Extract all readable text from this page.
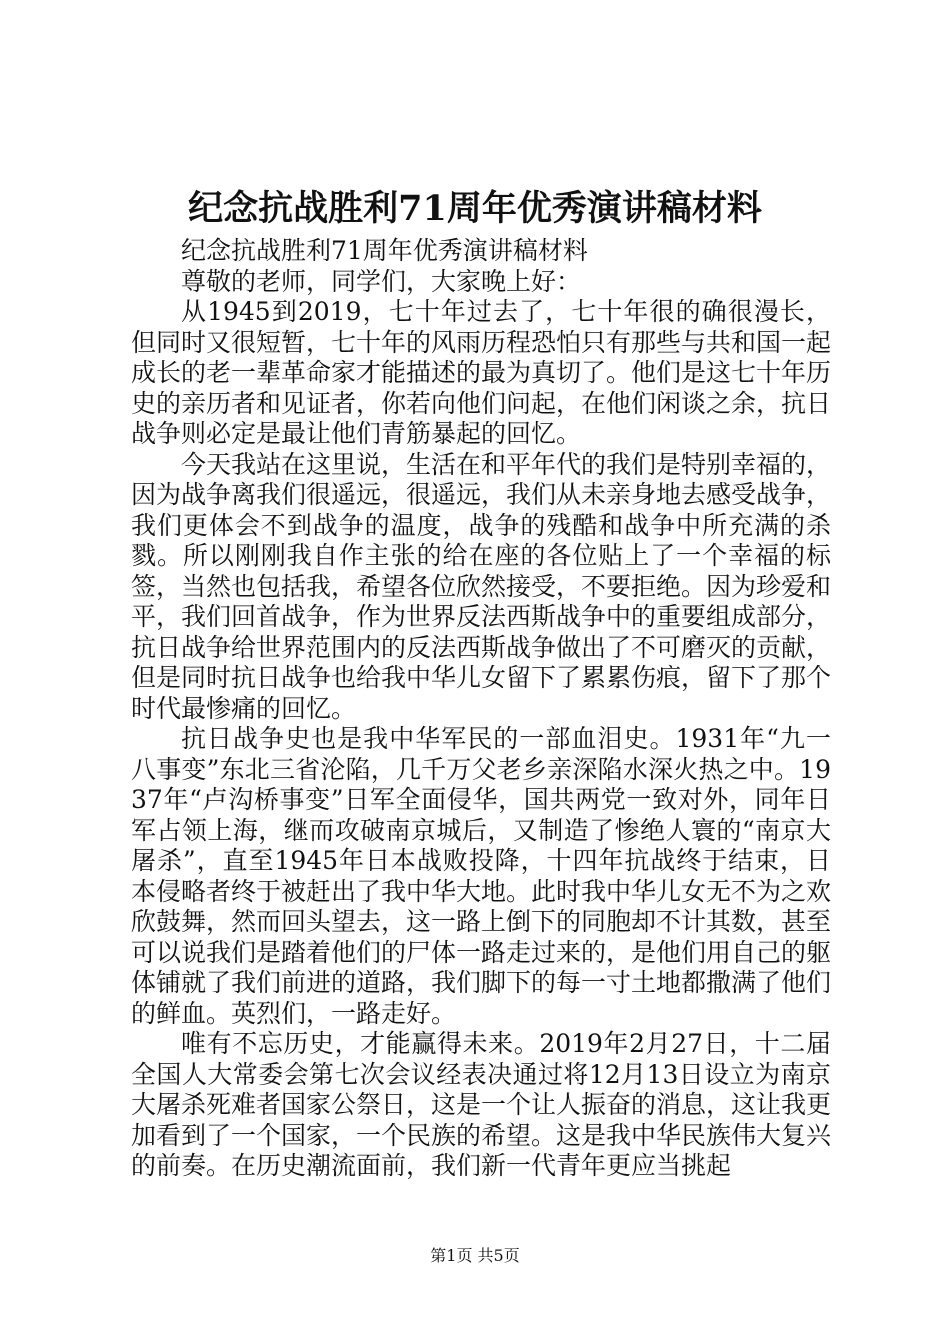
纪念抗战胜利71周年优秀演讲稿材料

纪念抗战胜利71周年优秀演讲稿材料

尊敬的老师，同学们，大家晚上好：

从1945到2019，七十年过去了，七十年很的确很漫长，但同时又很短暂，七十年的风雨历程恐怕只有那些与共和国一起成长的老一辈革命家才能描述的最为真切了。他们是这七十年历史的亲历者和见证者，你若向他们问起，在他们闲谈之余，抗日战争则必定是最让他们青筋暴起的回忆。

今天我站在这里说，生活在和平年代的我们是特别幸福的，因为战争离我们很遥远，很遥远，我们从未亲身地去感受战争，我们更体会不到战争的温度，战争的残酷和战争中所充满的杀戮。所以刚刚我自作主张的给在座的各位贴上了一个幸福的标签，当然也包括我，希望各位欣然接受，不要拒绝。因为珍爱和平，我们回首战争，作为世界反法西斯战争中的重要组成部分，抗日战争给世界范围内的反法西斯战争做出了不可磨灭的贡献，但是同时抗日战争也给我中华儿女留下了累累伤痕，留下了那个时代最惨痛的回忆。

抗日战争史也是我中华军民的一部血泪史。1931年“九一八事变”东北三省沦陷，几千万父老乡亲深陷水深火热之中。1937年“卢沟桥事变”日军全面侵华，国共两党一致对外，同年日军占领上海，继而攻破南京城后，又制造了惨绝人寰的“南京大屠杀”，直至1945年日本战败投降，十四年抗战终于结束，日本侵略者终于被赶出了我中华大地。此时我中华儿女无不为之欢欣鼓舞，然而回头望去，这一路上倒下的同胞却不计其数，甚至可以说我们是踏着他们的尸体一路走过来的，是他们用自己的躯体铺就了我们前进的道路，我们脚下的每一寸土地都撒满了他们的鲜血。英烈们，一路走好。

唯有不忘历史，才能赢得未来。2019年2月27日，十二届全国人大常委会第七次会议经表决通过将12月13日设立为南京大屠杀死难者国家公祭日，这是一个让人振奋的消息，这让我更加看到了一个国家，一个民族的希望。这是我中华民族伟大复兴的前奏。在历史潮流面前，我们新一代青年更应当挑起

第1页 共5页
